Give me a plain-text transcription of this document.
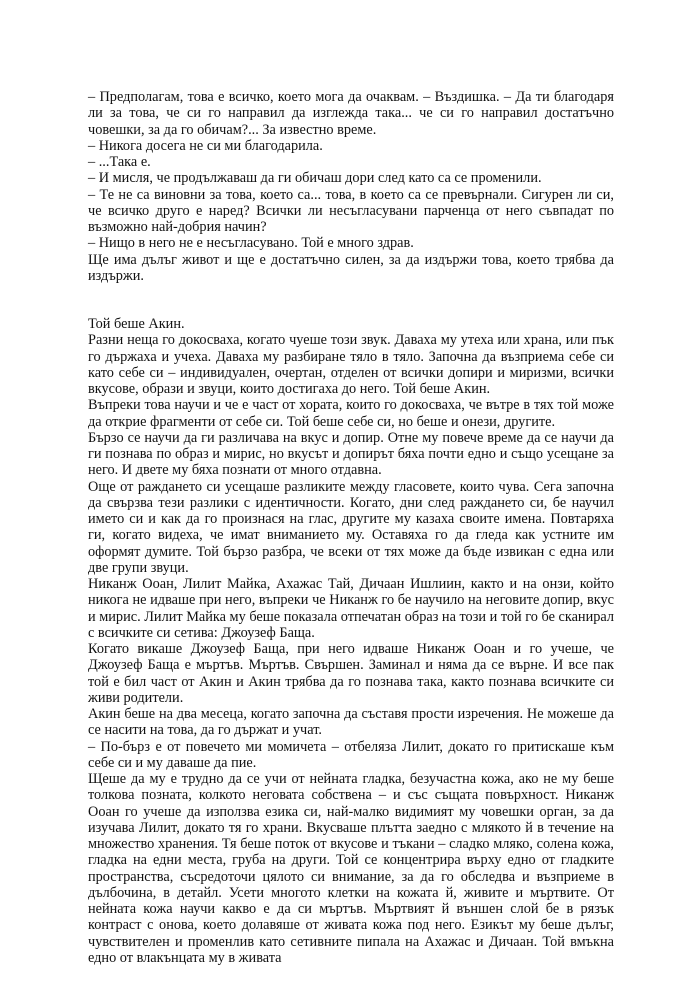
– Предполагам, това е всичко, което мога да очаквам. – Въздишка. – Да ти благодаря ли за това, че си го направил да изглежда така... че си го направил достатъчно човешки, за да го обичам?... За известно време.

– Никога досега не си ми благодарила.

– ...Така е.

– И мисля, че продължаваш да ги обичаш дори след като са се променили.

– Те не са виновни за това, което са... това, в което са се превърнали. Сигурен ли си, че всичко друго е наред? Всички ли несъгласувани парченца от него съвпадат по възможно най-добрия начин?

– Нищо в него не е несъгласувано. Той е много здрав.

Ще има дълъг живот и ще е достатъчно силен, за да издържи това, което трябва да издържи.

Той беше Акин.

Разни неща го докосваха, когато чуеше този звук. Даваха му утеха или храна, или пък го държаха и учеха. Даваха му разбиране тяло в тяло. Започна да възприема себе си като себе си – индивидуален, очертан, отделен от всички допири и миризми, всички вкусове, образи и звуци, които достигаха до него. Той беше Акин.

Въпреки това научи и че е част от хората, които го докосваха, че вътре в тях той може да открие фрагменти от себе си. Той беше себе си, но беше и онези, другите.

Бързо се научи да ги различава на вкус и допир. Отне му повече време да се научи да ги познава по образ и мирис, но вкусът и допирът бяха почти едно и също усещане за него. И двете му бяха познати от много отдавна.

Още от раждането си усещаше разликите между гласовете, които чува. Сега започна да свързва тези разлики с идентичности. Когато, дни след раждането си, бе научил името си и как да го произнася на глас, другите му казаха своите имена. Повтаряха ги, когато видеха, че имат вниманието му. Оставяха го да гледа как устните им оформят думите. Той бързо разбра, че всеки от тях може да бъде извикан с една или две групи звуци.

Никанж Ооан, Лилит Майка, Ахажас Тай, Дичаан Ишлиин, както и на онзи, който никога не идваше при него, въпреки че Никанж го бе научило на неговите допир, вкус и мирис. Лилит Майка му беше показала отпечатан образ на този и той го бе сканирал с всичките си сетива: Джоузеф Баща.

Когато викаше Джоузеф Баща, при него идваше Никанж Ооан и го учеше, че Джоузеф Баща е мъртъв. Мъртъв. Свършен. Заминал и няма да се върне. И все пак той е бил част от Акин и Акин трябва да го познава така, както познава всичките си живи родители.

Акин беше на два месеца, когато започна да съставя прости изречения. Не можеше да се насити на това, да го държат и учат.

– По-бърз е от повечето ми момичета – отбеляза Лилит, докато го притискаше към себе си и му даваше да пие.

Щеше да му е трудно да се учи от нейната гладка, безучастна кожа, ако не му беше толкова позната, колкото неговата собствена – и със същата повърхност. Никанж Ооан го учеше да използва езика си, най-малко видимият му човешки орган, за да изучава Лилит, докато тя го храни. Вкусваше плътта заедно с млякото й в течение на множество хранения. Тя беше поток от вкусове и тъкани – сладко мляко, солена кожа, гладка на едни места, груба на други. Той се концентрира върху едно от гладките пространства, съсредоточи цялото си внимание, за да го обследва и възприеме в дълбочина, в детайл. Усети многото клетки на кожата й, живите и мъртвите. От нейната кожа научи какво е да си мъртъв. Мъртвият й външен слой бе в рязък контраст с онова, което долавяше от живата кожа под него. Езикът му беше дълъг, чувствителен и променлив като сетивните пипала на Ахажас и Дичаан. Той вмъкна едно от влакънцата му в живата
